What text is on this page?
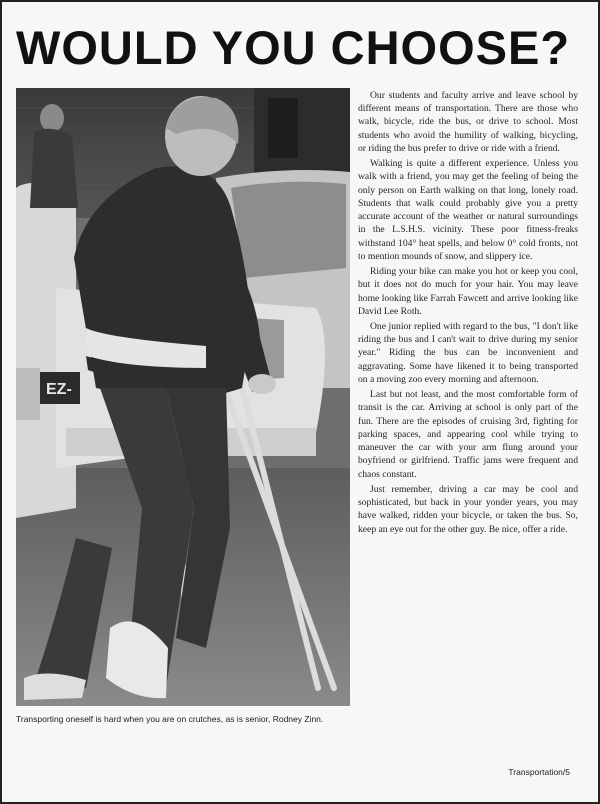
WOULD YOU CHOOSE?
EZ-
Transporting oneself is hard when you are on crutches, as is senior, Rodney Zinn.

Our students and faculty arrive and leave school by different means of transportation. There are those who walk, bicycle, ride the bus, or drive to school. Most students who avoid the humility of walking, bicycling, or riding the bus prefer to drive or ride with a friend.

Walking is quite a different experience. Unless you walk with a friend, you may get the feeling of being the only person on Earth walking on that long, lonely road. Students that walk could probably give you a pretty accurate account of the weather or natural surroundings in the L.S.H.S. vicinity. These poor fitness-freaks withstand 104° heat spells, and below 0° cold fronts, not to mention mounds of snow, and slippery ice.

Riding your bike can make you hot or keep you cool, but it does not do much for your hair. You may leave home looking like Farrah Fawcett and arrive looking like David Lee Roth.

One junior replied with regard to the bus, "I don't like riding the bus and I can't wait to drive during my senior year." Riding the bus can be inconvenient and aggravating. Some have likened it to being transported on a moving zoo every morning and afternoon.

Last but not least, and the most comfortable form of transit is the car. Arriving at school is only part of the fun. There are the episodes of cruising 3rd, fighting for parking spaces, and appearing cool while trying to maneuver the car with your arm flung around your boyfriend or girlfriend. Traffic jams were frequent and chaos constant.

Just remember, driving a car may be cool and sophisticated, but back in your yonder years, you may have walked, ridden your bicycle, or taken the bus. So, keep an eye out for the other guy. Be nice, offer a ride.

Transportation/5
